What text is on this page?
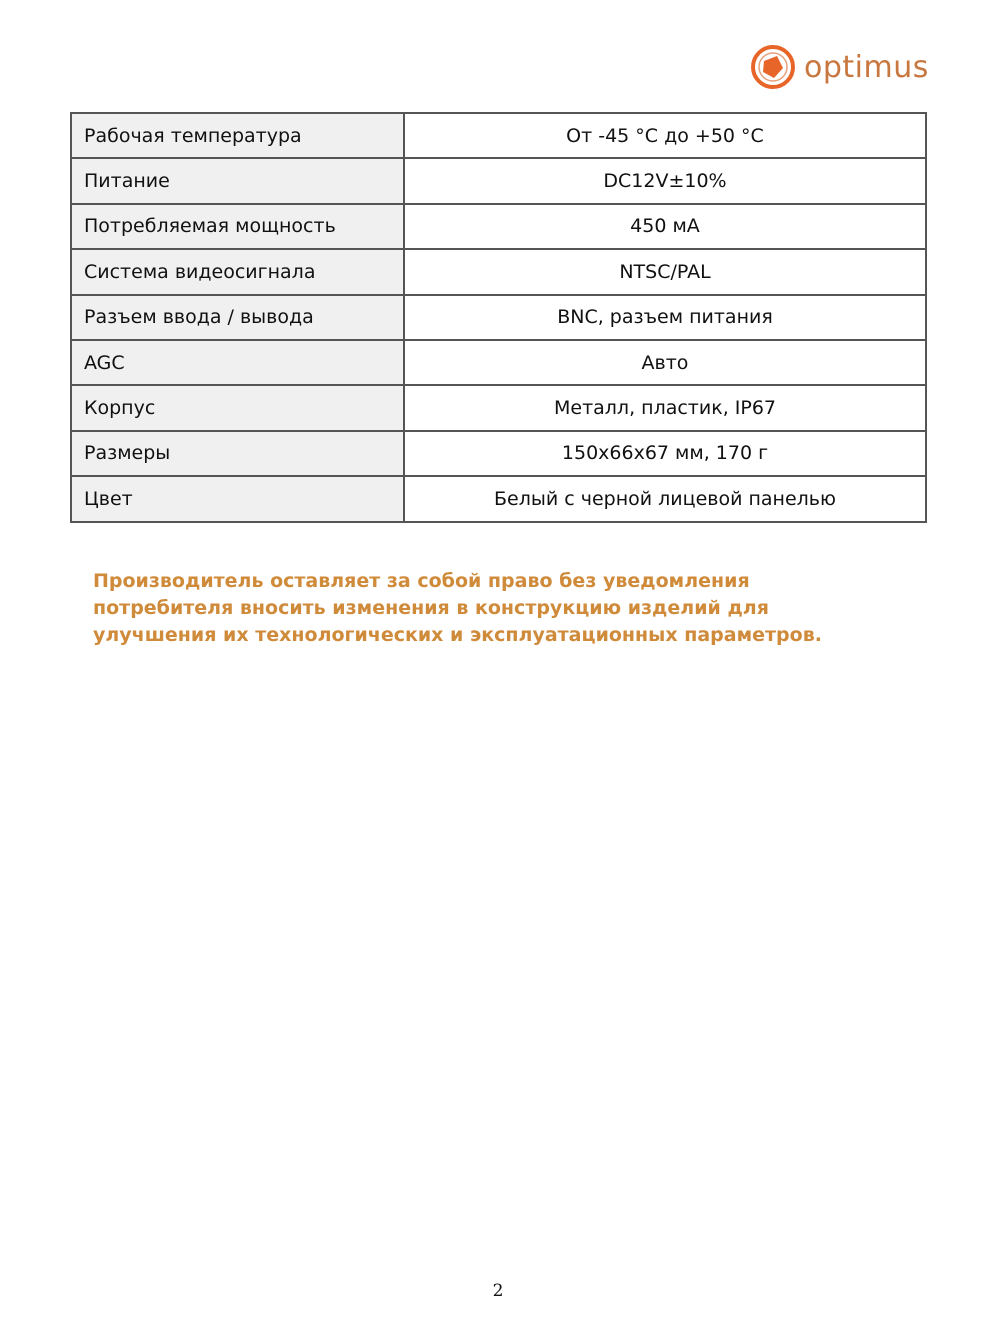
optimus
Рабочая температура	От -45 °С до +50 °С
Питание	DC12V±10%
Потребляемая мощность	450 мА
Система видеосигнала	NTSC/PAL
Разъем ввода / вывода	BNC, разъем питания
AGC	Авто
Корпус	Металл, пластик, IP67
Размеры	150х66х67 мм, 170 г
Цвет	Белый с черной лицевой панелью
Производитель оставляет за собой право без уведомления потребителя вносить изменения в конструкцию изделий для улучшения их технологических и эксплуатационных параметров.
2
